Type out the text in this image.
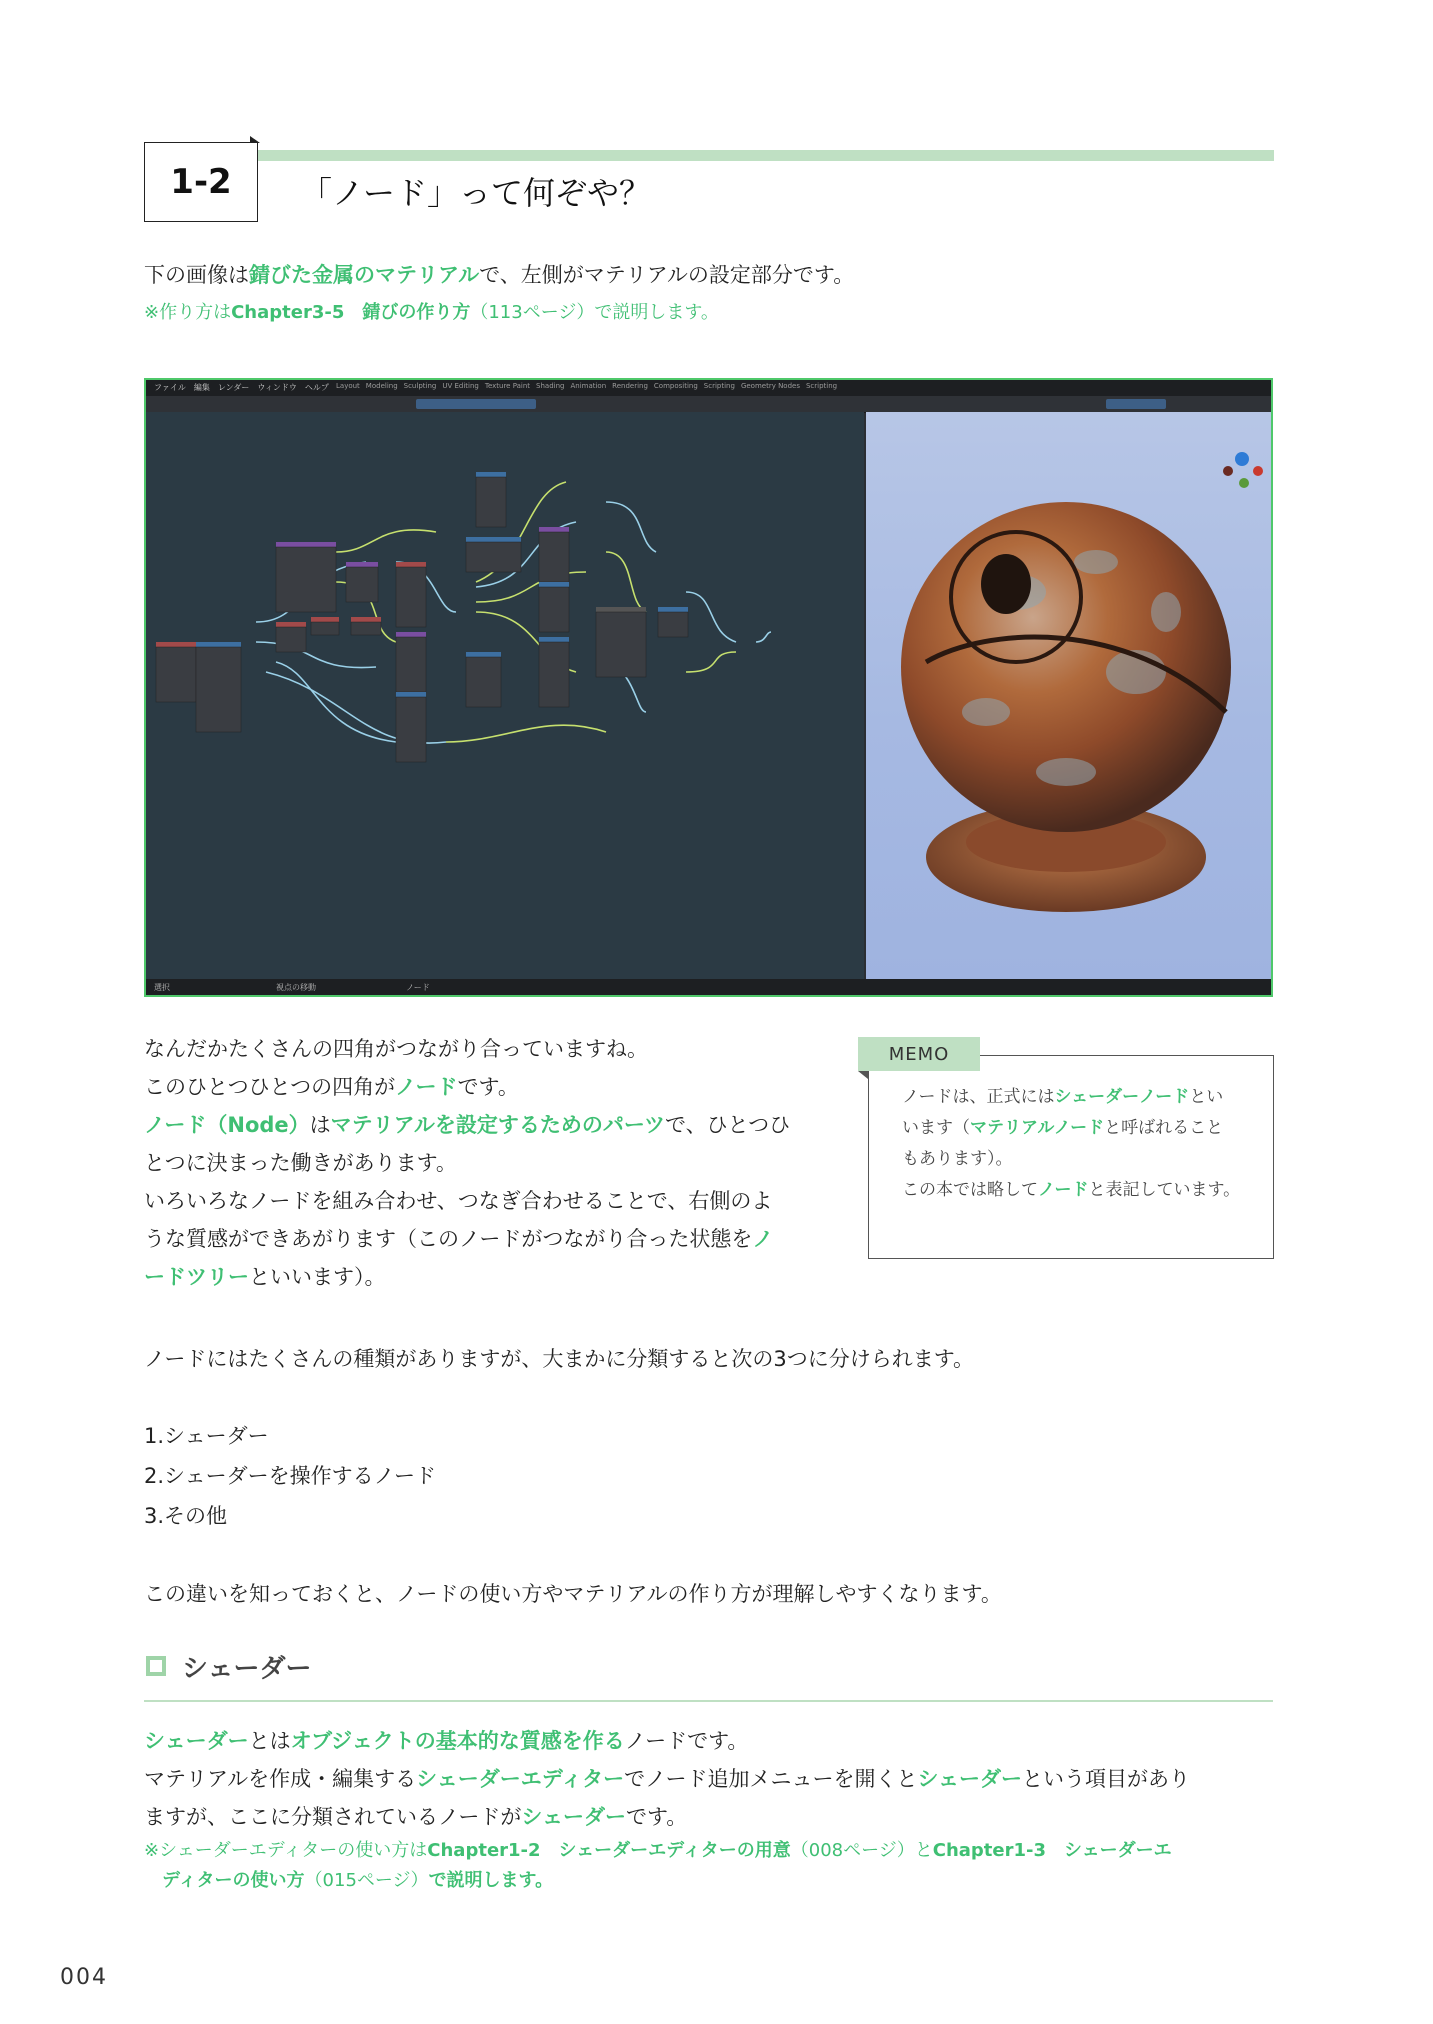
1-2	「ノード」って何ぞや？
下の画像は錆びた金属のマテリアルで、左側がマテリアルの設定部分です。
※作り方はChapter3-5　錆びの作り方（113ページ）で説明します。
ファイル 編集 レンダー ウィンドウ ヘルプ Layout Modeling Sculpting UV Editing Texture Paint Shading Animation Rendering Compositing Scripting Geometry Nodes Scripting
選択	視点の移動	ノード
なんだかたくさんの四角がつながり合っていますね。
このひとつひとつの四角がノードです。
ノード（Node）はマテリアルを設定するためのパーツで、ひとつひ
とつに決まった働きがあります。
いろいろなノードを組み合わせ、つなぎ合わせることで、右側のよ
うな質感ができあがります（このノードがつながり合った状態をノ
ードツリーといいます）。
MEMO
ノードは、正式にはシェーダーノードとい
います（マテリアルノードと呼ばれること
もあります）。
この本では略してノードと表記しています。
ノードにはたくさんの種類がありますが、大まかに分類すると次の3つに分けられます。
1.シェーダー
2.シェーダーを操作するノード
3.その他
この違いを知っておくと、ノードの使い方やマテリアルの作り方が理解しやすくなります。
シェーダー
シェーダーとはオブジェクトの基本的な質感を作るノードです。
マテリアルを作成・編集するシェーダーエディターでノード追加メニューを開くとシェーダーという項目があり
ますが、ここに分類されているノードがシェーダーです。
※シェーダーエディターの使い方はChapter1-2　シェーダーエディターの用意（008ページ）とChapter1-3　シェーダーエ
　ディターの使い方（015ページ）で説明します。
004
